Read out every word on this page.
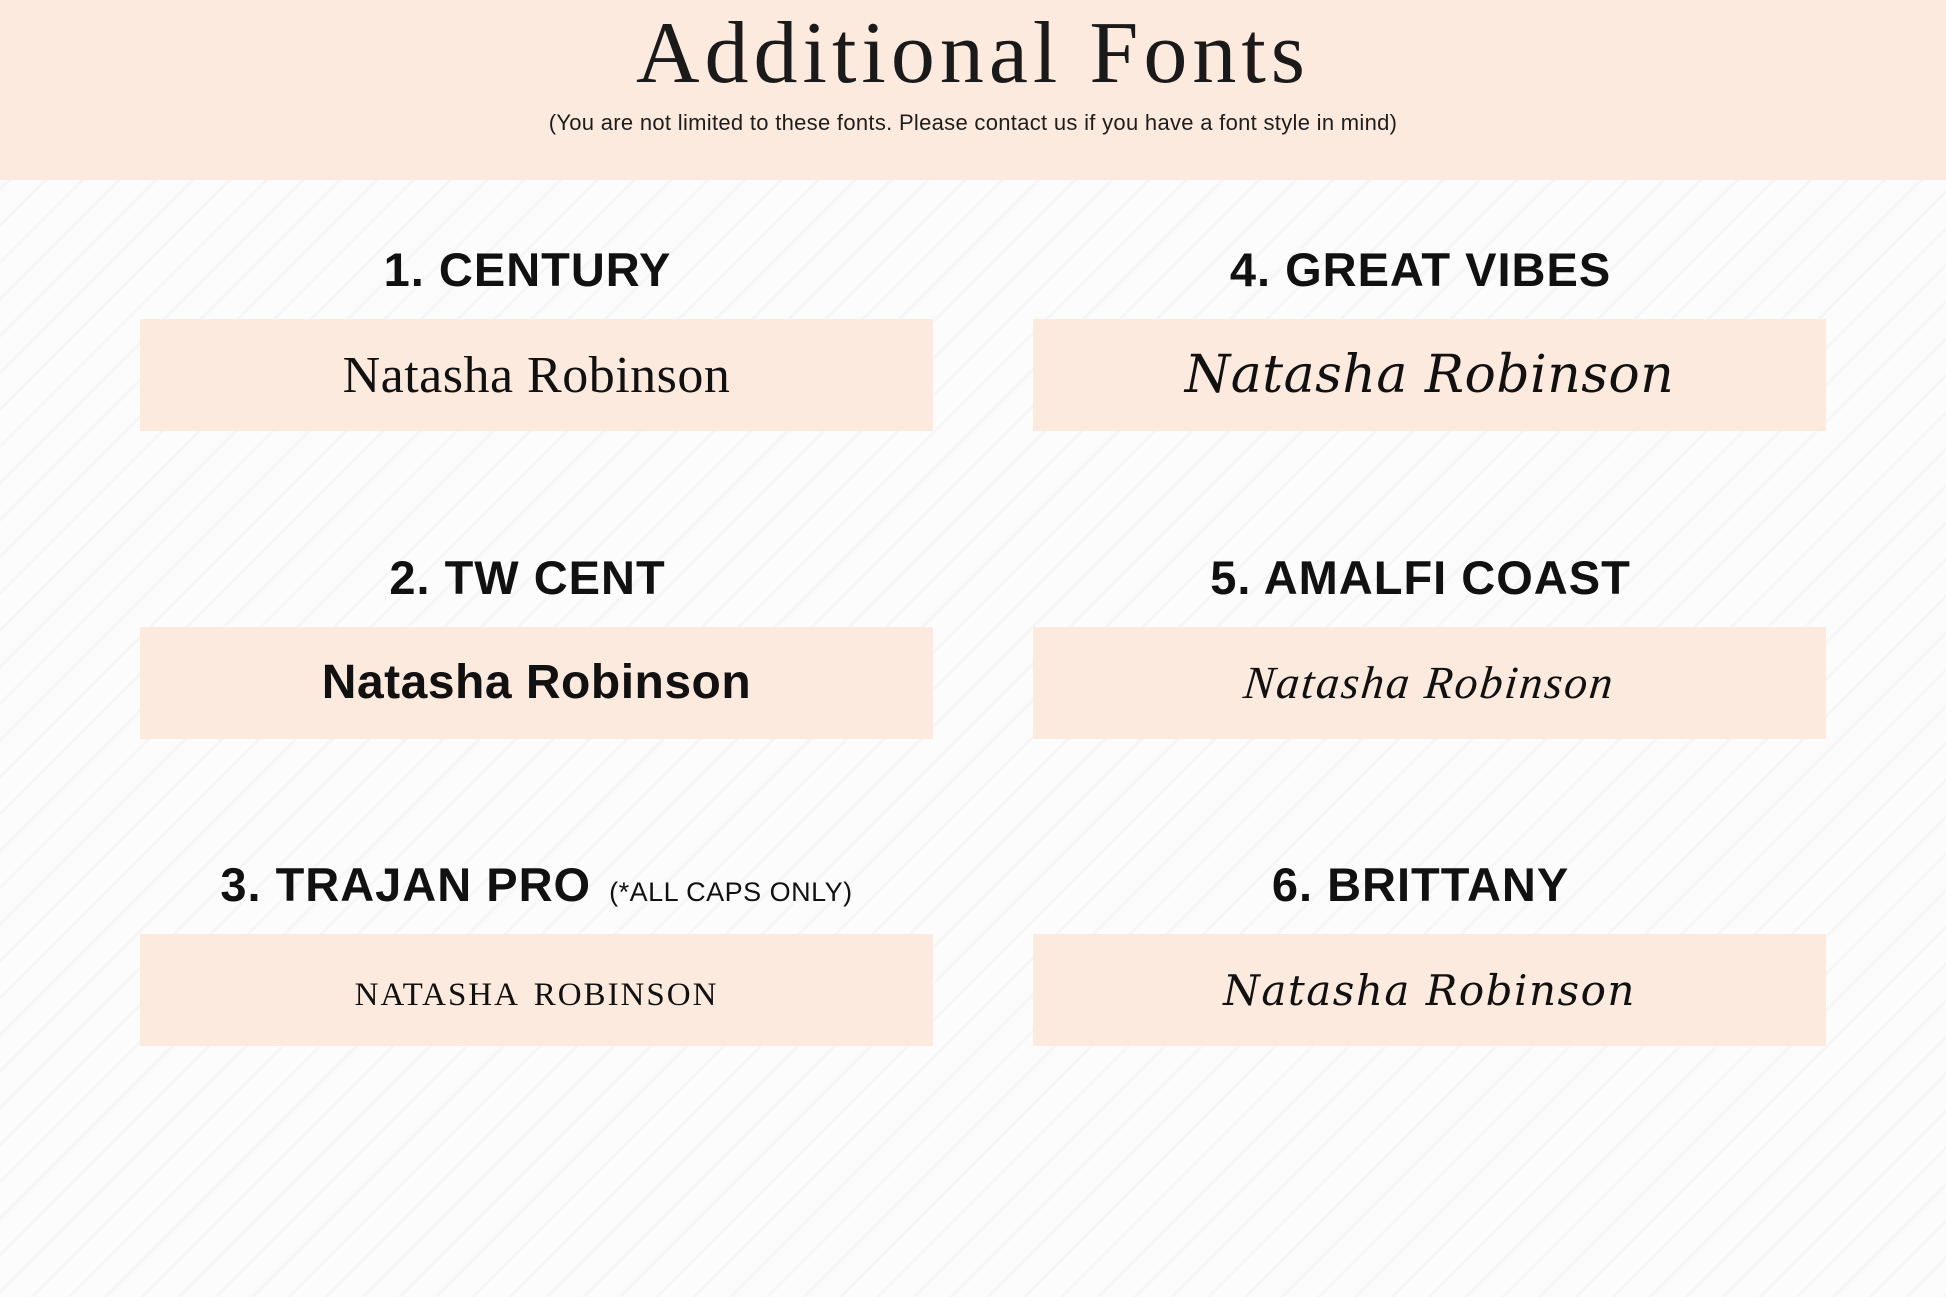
Additional Fonts
(You are not limited to these fonts. Please contact us if you have a font style in mind)
1. CENTURY
Natasha Robinson
2. TW CENT
Natasha Robinson
3. TRAJAN PRO (*ALL CAPS ONLY)
natasha robinson
4. GREAT VIBES
Natasha Robinson
5. AMALFI COAST
Natasha Robinson
6. BRITTANY
Natasha Robinson
